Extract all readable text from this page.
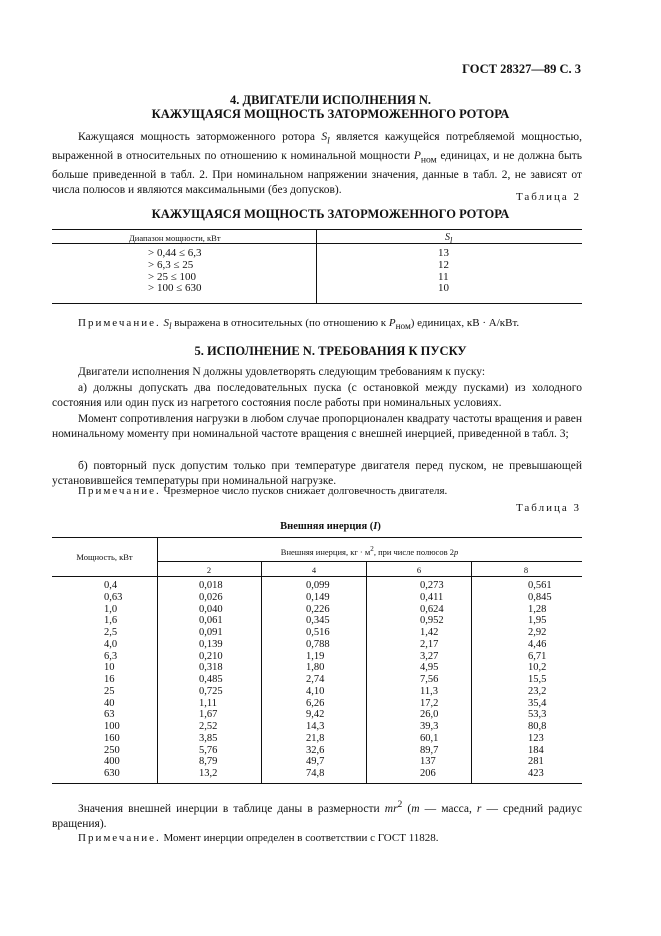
ГОСТ 28327—89 С. 3
4. ДВИГАТЕЛИ ИСПОЛНЕНИЯ N.
КАЖУЩАЯСЯ МОЩНОСТЬ ЗАТОРМОЖЕННОГО РОТОРА
Кажущаяся мощность заторможенного ротора $S_l$ является кажущейся потребляемой мощностью, выраженной в относительных по отношению к номинальной мощности $P_{ном}$ единицах, и не должна быть больше приведенной в табл. 2. При номинальном напряжении значения, данные в табл. 2, не зависят от числа полюсов и являются максимальными (без допусков).
Таблица 2
КАЖУЩАЯСЯ МОЩНОСТЬ ЗАТОРМОЖЕННОГО РОТОРА
Диапазон мощности, кВт	$S_l$
> 0,44 ≤ 6,3	13
> 6,3 ≤ 25	12
> 25 ≤ 100	11
> 100 ≤ 630	10
Примечание. $S_l$ выражена в относительных (по отношению к $P_{ном}$) единицах, кВ · А/кВт.
5. ИСПОЛНЕНИЕ N. ТРЕБОВАНИЯ К ПУСКУ
Двигатели исполнения N должны удовлетворять следующим требованиям к пуску:
а) должны допускать два последовательных пуска (с остановкой между пусками) из холодного состояния или один пуск из нагретого состояния после работы при номинальных условиях.
Момент сопротивления нагрузки в любом случае пропорционален квадрату частоты вращения и равен номинальному моменту при номинальной частоте вращения с внешней инерцией, приведенной в табл. 3;
б) повторный пуск допустим только при температуре двигателя перед пуском, не превышающей установившейся температуры при номинальной нагрузке.
Примечание. Чрезмерное число пусков снижает долговечность двигателя.
Таблица 3
Внешняя инерция (I)
Мощность, кВт
Внешняя инерция, кг · $м^2$, при числе полюсов 2p
2	4	6	8
0,4	0,018	0,099	0,273	0,561
0,63	0,026	0,149	0,411	0,845
1,0	0,040	0,226	0,624	1,28
1,6	0,061	0,345	0,952	1,95
2,5	0,091	0,516	1,42	2,92
4,0	0,139	0,788	2,17	4,46
6,3	0,210	1,19	3,27	6,71
10	0,318	1,80	4,95	10,2
16	0,485	2,74	7,56	15,5
25	0,725	4,10	11,3	23,2
40	1,11	6,26	17,2	35,4
63	1,67	9,42	26,0	53,3
100	2,52	14,3	39,3	80,8
160	3,85	21,8	60,1	123
250	5,76	32,6	89,7	184
400	8,79	49,7	137	281
630	13,2	74,8	206	423
Значения внешней инерции в таблице даны в размерности $mr^2$ (m — масса, r — средний радиус вращения).
Примечание. Момент инерции определен в соответствии с ГОСТ 11828.
